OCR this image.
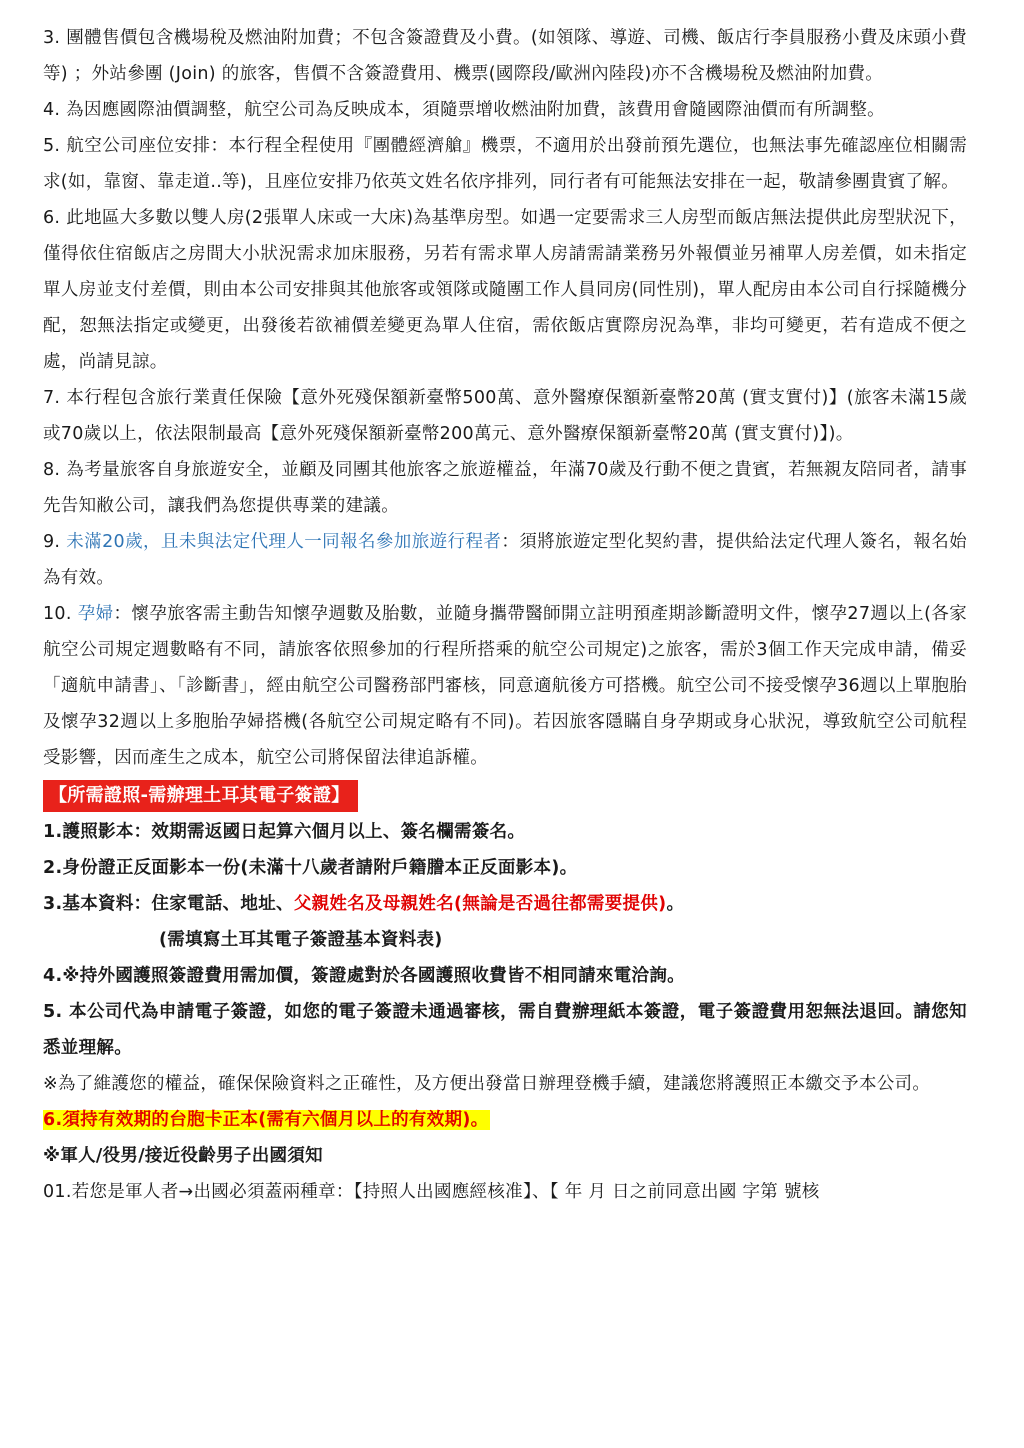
3. 團體售價包含機場稅及燃油附加費；不包含簽證費及小費。(如領隊、導遊、司機、飯店行李員服務小費及床頭小費等) ；外站參團 (Join) 的旅客，售價不含簽證費用、機票(國際段/歐洲內陸段)亦不含機場稅及燃油附加費。

4. 為因應國際油價調整，航空公司為反映成本，須隨票增收燃油附加費，該費用會隨國際油價而有所調整。

5. 航空公司座位安排：本行程全程使用『團體經濟艙』機票，不適用於出發前預先選位，也無法事先確認座位相關需求(如，靠窗、靠走道..等)，且座位安排乃依英文姓名依序排列，同行者有可能無法安排在一起，敬請參團貴賓了解。

6. 此地區大多數以雙人房(2張單人床或一大床)為基準房型。如遇一定要需求三人房型而飯店無法提供此房型狀況下，僅得依住宿飯店之房間大小狀況需求加床服務，另若有需求單人房請需請業務另外報價並另補單人房差價，如未指定單人房並支付差價，則由本公司安排與其他旅客或領隊或隨團工作人員同房(同性別)，單人配房由本公司自行採隨機分配，恕無法指定或變更，出發後若欲補價差變更為單人住宿，需依飯店實際房況為準，非均可變更，若有造成不便之處，尚請見諒。

7. 本行程包含旅行業責任保險【意外死殘保額新臺幣500萬、意外醫療保額新臺幣20萬 (實支實付)】(旅客未滿15歲或70歲以上，依法限制最高【意外死殘保額新臺幣200萬元、意外醫療保額新臺幣20萬 (實支實付)】)。

8. 為考量旅客自身旅遊安全，並顧及同團其他旅客之旅遊權益，年滿70歲及行動不便之貴賓，若無親友陪同者，請事先告知敝公司，讓我們為您提供專業的建議。

9. 未滿20歲，且未與法定代理人一同報名參加旅遊行程者：須將旅遊定型化契約書，提供給法定代理人簽名，報名始為有效。

10. 孕婦：懷孕旅客需主動告知懷孕週數及胎數，並隨身攜帶醫師開立註明預產期診斷證明文件，懷孕27週以上(各家航空公司規定週數略有不同，請旅客依照參加的行程所搭乘的航空公司規定)之旅客，需於3個工作天完成申請，備妥「適航申請書」、「診斷書」，經由航空公司醫務部門審核，同意適航後方可搭機。航空公司不接受懷孕36週以上單胞胎及懷孕32週以上多胞胎孕婦搭機(各航空公司規定略有不同)。若因旅客隱瞞自身孕期或身心狀況，導致航空公司航程受影響，因而產生之成本，航空公司將保留法律追訴權。

【所需證照-需辦理土耳其電子簽證】

1.護照影本：效期需返國日起算六個月以上、簽名欄需簽名。

2.身份證正反面影本一份(未滿十八歲者請附戶籍謄本正反面影本)。

3.基本資料：住家電話、地址、父親姓名及母親姓名(無論是否過往都需要提供)。

(需填寫土耳其電子簽證基本資料表)

4.※持外國護照簽證費用需加價，簽證處對於各國護照收費皆不相同請來電洽詢。

5. 本公司代為申請電子簽證，如您的電子簽證未通過審核，需自費辦理紙本簽證，電子簽證費用恕無法退回。請您知悉並理解。

※為了維護您的權益，確保保險資料之正確性，及方便出發當日辦理登機手續，建議您將護照正本繳交予本公司。

6.須持有效期的台胞卡正本(需有六個月以上的有效期)。

※軍人/役男/接近役齡男子出國須知

01.若您是軍人者→出國必須蓋兩種章：【持照人出國應經核准】、【 年 月 日之前同意出國 字第 號核
